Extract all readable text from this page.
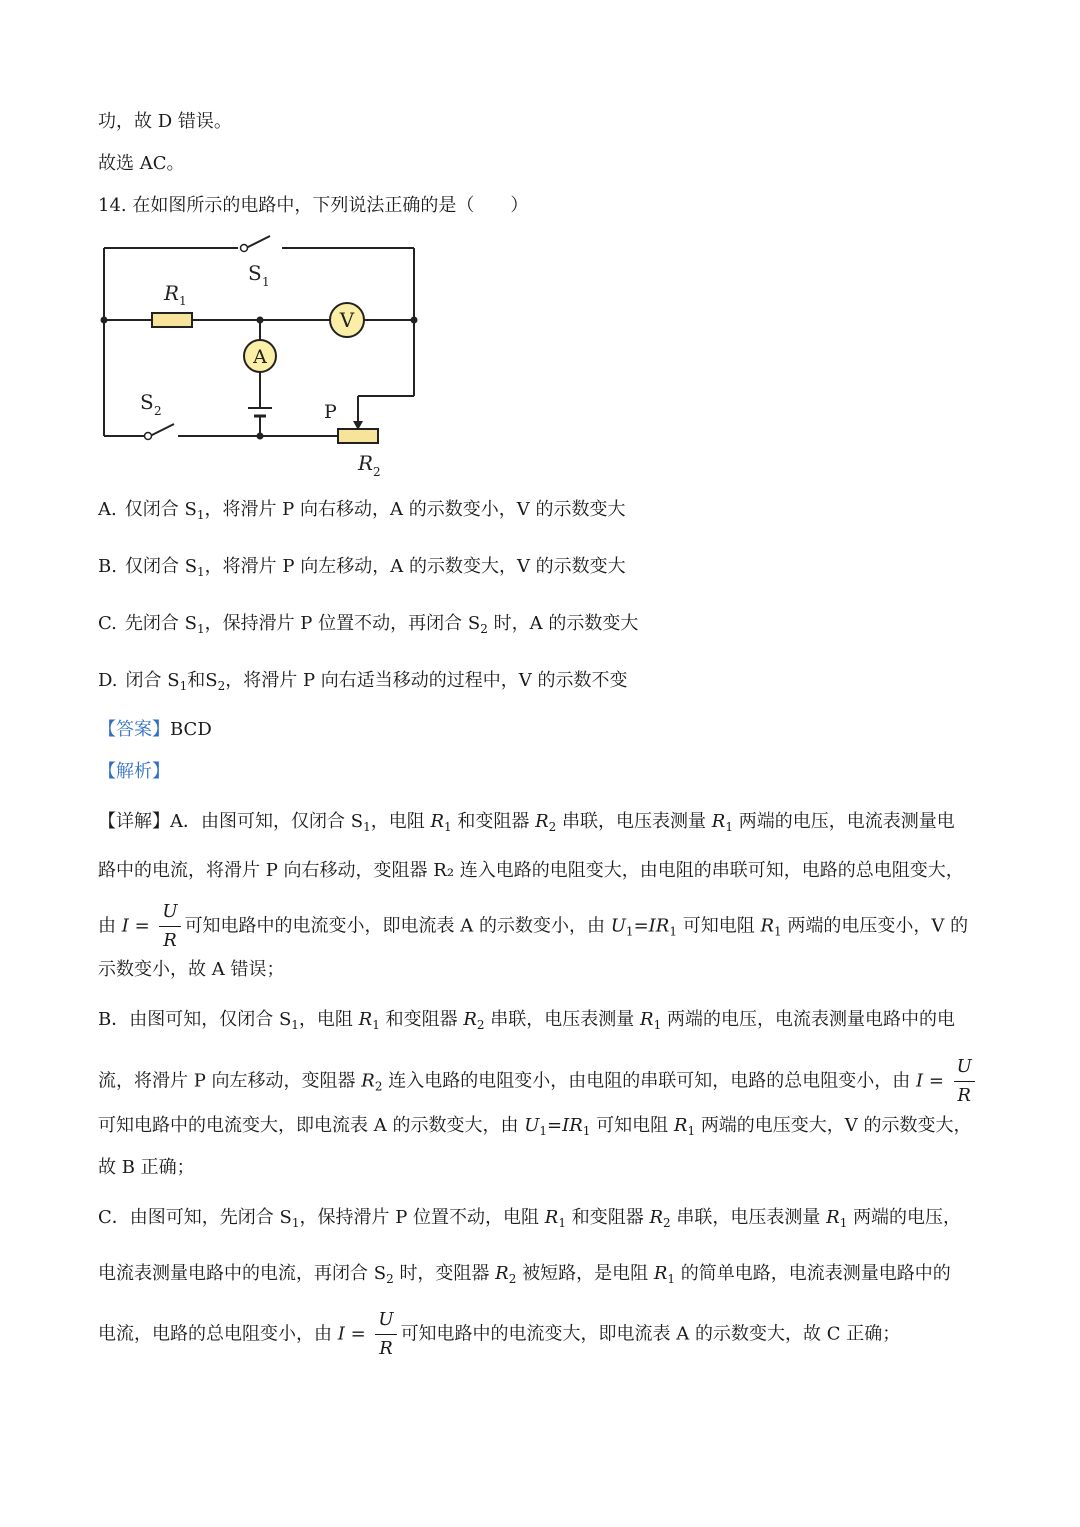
功，故 D 错误。
故选 AC。
14. 在如图所示的电路中，下列说法正确的是（　　）
V
A
S 1
R 1
S 2	P
R 2
A. 仅闭合 $S_1$，将滑片 P 向右移动，A 的示数变小，V 的示数变大
B. 仅闭合 $S_1$，将滑片 P 向左移动，A 的示数变大，V 的示数变大
C. 先闭合 $S_1$，保持滑片 P 位置不动，再闭合 $S_2$ 时，A 的示数变大
D. 闭合 $S_1$和$S_2$，将滑片 P 向右适当移动的过程中，V 的示数不变
【答案】BCD
【解析】
【详解】A．由图可知，仅闭合 $S_1$，电阻 $R_1$ 和变阻器 $R_2$ 串联，电压表测量 $R_1$ 两端的电压，电流表测量电
路中的电流，将滑片 P 向右移动，变阻器 R₂ 连入电路的电阻变大，由电阻的串联可知，电路的总电阻变大，
由 $I = \frac{U}{R}$ 可知电路中的电流变小，即电流表 A 的示数变小，由 $U_1=IR_1$ 可知电阻 $R_1$ 两端的电压变小，V 的
示数变小，故 A 错误；
B．由图可知，仅闭合 $S_1$，电阻 $R_1$ 和变阻器 $R_2$ 串联，电压表测量 $R_1$ 两端的电压，电流表测量电路中的电
流，将滑片 P 向左移动，变阻器 $R_2$ 连入电路的电阻变小，由电阻的串联可知，电路的总电阻变小，由 $I = \frac{U}{R}$
可知电路中的电流变大，即电流表 A 的示数变大，由 $U_1=IR_1$ 可知电阻 $R_1$ 两端的电压变大，V 的示数变大，
故 B 正确；
C．由图可知，先闭合 $S_1$，保持滑片 P 位置不动，电阻 $R_1$ 和变阻器 $R_2$ 串联，电压表测量 $R_1$ 两端的电压，
电流表测量电路中的电流，再闭合 $S_2$ 时，变阻器 $R_2$ 被短路，是电阻 $R_1$ 的简单电路，电流表测量电路中的
电流，电路的总电阻变小，由 $I = \frac{U}{R}$ 可知电路中的电流变大，即电流表 A 的示数变大，故 C 正确；
